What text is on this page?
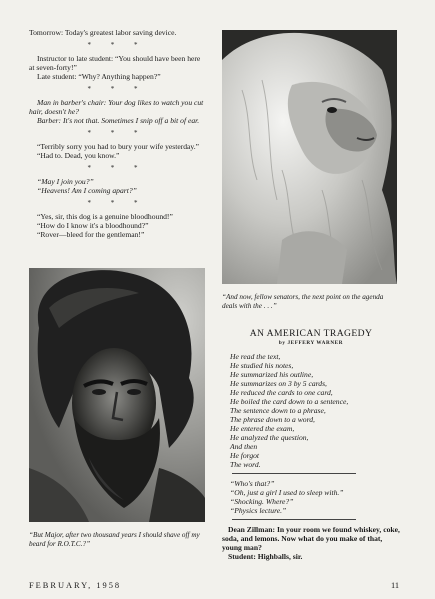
Tomorrow: Today's greatest labor saving device.

* * *

Instructor to late student: “You should have been here at seven-forty!”

Late student: “Why? Anything happen?”

* * *

Man in barber's chair: Your dog likes to watch you cut hair, doesn't he?

Barber: It's not that. Sometimes I snip off a bit of ear.

* * *

“Terribly sorry you had to bury your wife yesterday.”

“Had to. Dead, you know.”

* * *

“May I join you?”

“Heavens! Am I coming apart?”

* * *

“Yes, sir, this dog is a genuine bloodhound!”

“How do I know it's a bloodhound?”

“Rover—bleed for the gentleman!”

“But Major, after two thousand years I should shave off my beard for R.O.T.C.?”

“And now, fellow senators, the next point on the agenda deals with the . . .”

AN AMERICAN TRAGEDY
by JEFFERY WARNER

He read the text,

He studied his notes,

He summarized his outline,

He summarizes on 3 by 5 cards,

He reduced the cards to one card,

He boiled the card down to a sentence,

The sentence down to a phrase,

The phrase down to a word,

He entered the exam,

He analyzed the question,

And then

He forgot

The word.

“Who's that?”

“Oh, just a girl I used to sleep with.”

“Shocking. Where?”

“Physics lecture.”

Dean Zillman: In your room we found whiskey, coke, soda, and lemons. Now what do you make of that, young man?

Student: Highballs, sir.

FEBRUARY, 1958	11
